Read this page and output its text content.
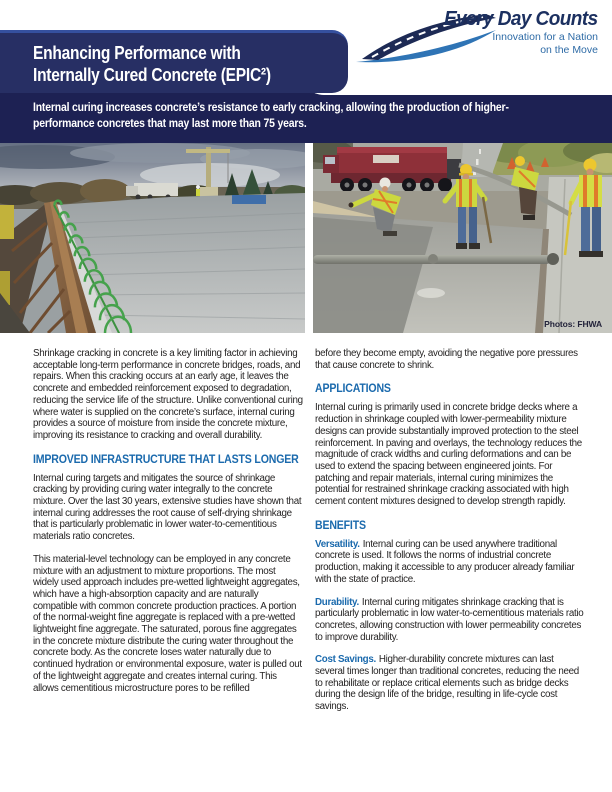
Every Day Counts
Innovation for a Nation
on the Move
Enhancing Performance with
Internally Cured Concrete (EPIC²)
Internal curing increases concrete’s resistance to early cracking, allowing the production of higher-
performance concretes that may last more than 75 years.
Photos: FHWA

Shrinkage cracking in concrete is a key limiting factor in achieving acceptable long-term performance in concrete bridges, roads, and repairs. When this cracking occurs at an early age, it leaves the concrete and embedded reinforcement exposed to degradation, reducing the service life of the structure. Unlike conventional curing where water is supplied on the concrete’s surface, internal curing provides a source of moisture from inside the concrete mixture, improving its resistance to cracking and overall durability.

IMPROVED INFRASTRUCTURE THAT LASTS LONGER

Internal curing targets and mitigates the source of shrinkage cracking by providing curing water integrally to the concrete mixture. Over the last 30 years, extensive studies have shown that internal curing addresses the root cause of self-drying shrinkage that is particularly problematic in lower water-to-cementitious materials ratio concretes.

This material-level technology can be employed in any concrete mixture with an adjustment to mixture proportions. The most widely used approach includes pre-wetted lightweight aggregates, which have a high-absorption capacity and are naturally compatible with common concrete production practices. A portion of the normal-weight fine aggregate is replaced with a pre-wetted lightweight fine aggregate. The saturated, porous fine aggregates in the concrete mixture distribute the curing water throughout the concrete body. As the concrete loses water naturally due to continued hydration or environmental exposure, water is pulled out of the lightweight aggregate and creates internal curing. This allows cementitious microstructure pores to be refilled

before they become empty, avoiding the negative pore pressures that cause concrete to shrink.

APPLICATIONS

Internal curing is primarily used in concrete bridge decks where a reduction in shrinkage coupled with lower-permeability mixture designs can provide substantially improved protection to the steel reinforcement. In paving and overlays, the technology reduces the magnitude of crack widths and curling deformations and can be used to extend the spacing between engineered joints. For patching and repair materials, internal curing minimizes the potential for restrained shrinkage cracking associated with high cement content mixtures designed to develop strength rapidly.

BENEFITS

Versatility. Internal curing can be used anywhere traditional concrete is used. It follows the norms of industrial concrete production, making it accessible to any producer already familiar with the state of practice.

Durability. Internal curing mitigates shrinkage cracking that is particularly problematic in low water-to-cementitious materials ratio concretes, allowing construction with lower permeability concretes to improve durability.

Cost Savings. Higher-durability concrete mixtures can last several times longer than traditional concretes, reducing the need to rehabilitate or replace critical elements such as bridge decks during the design life of the bridge, resulting in life-cycle cost savings.
